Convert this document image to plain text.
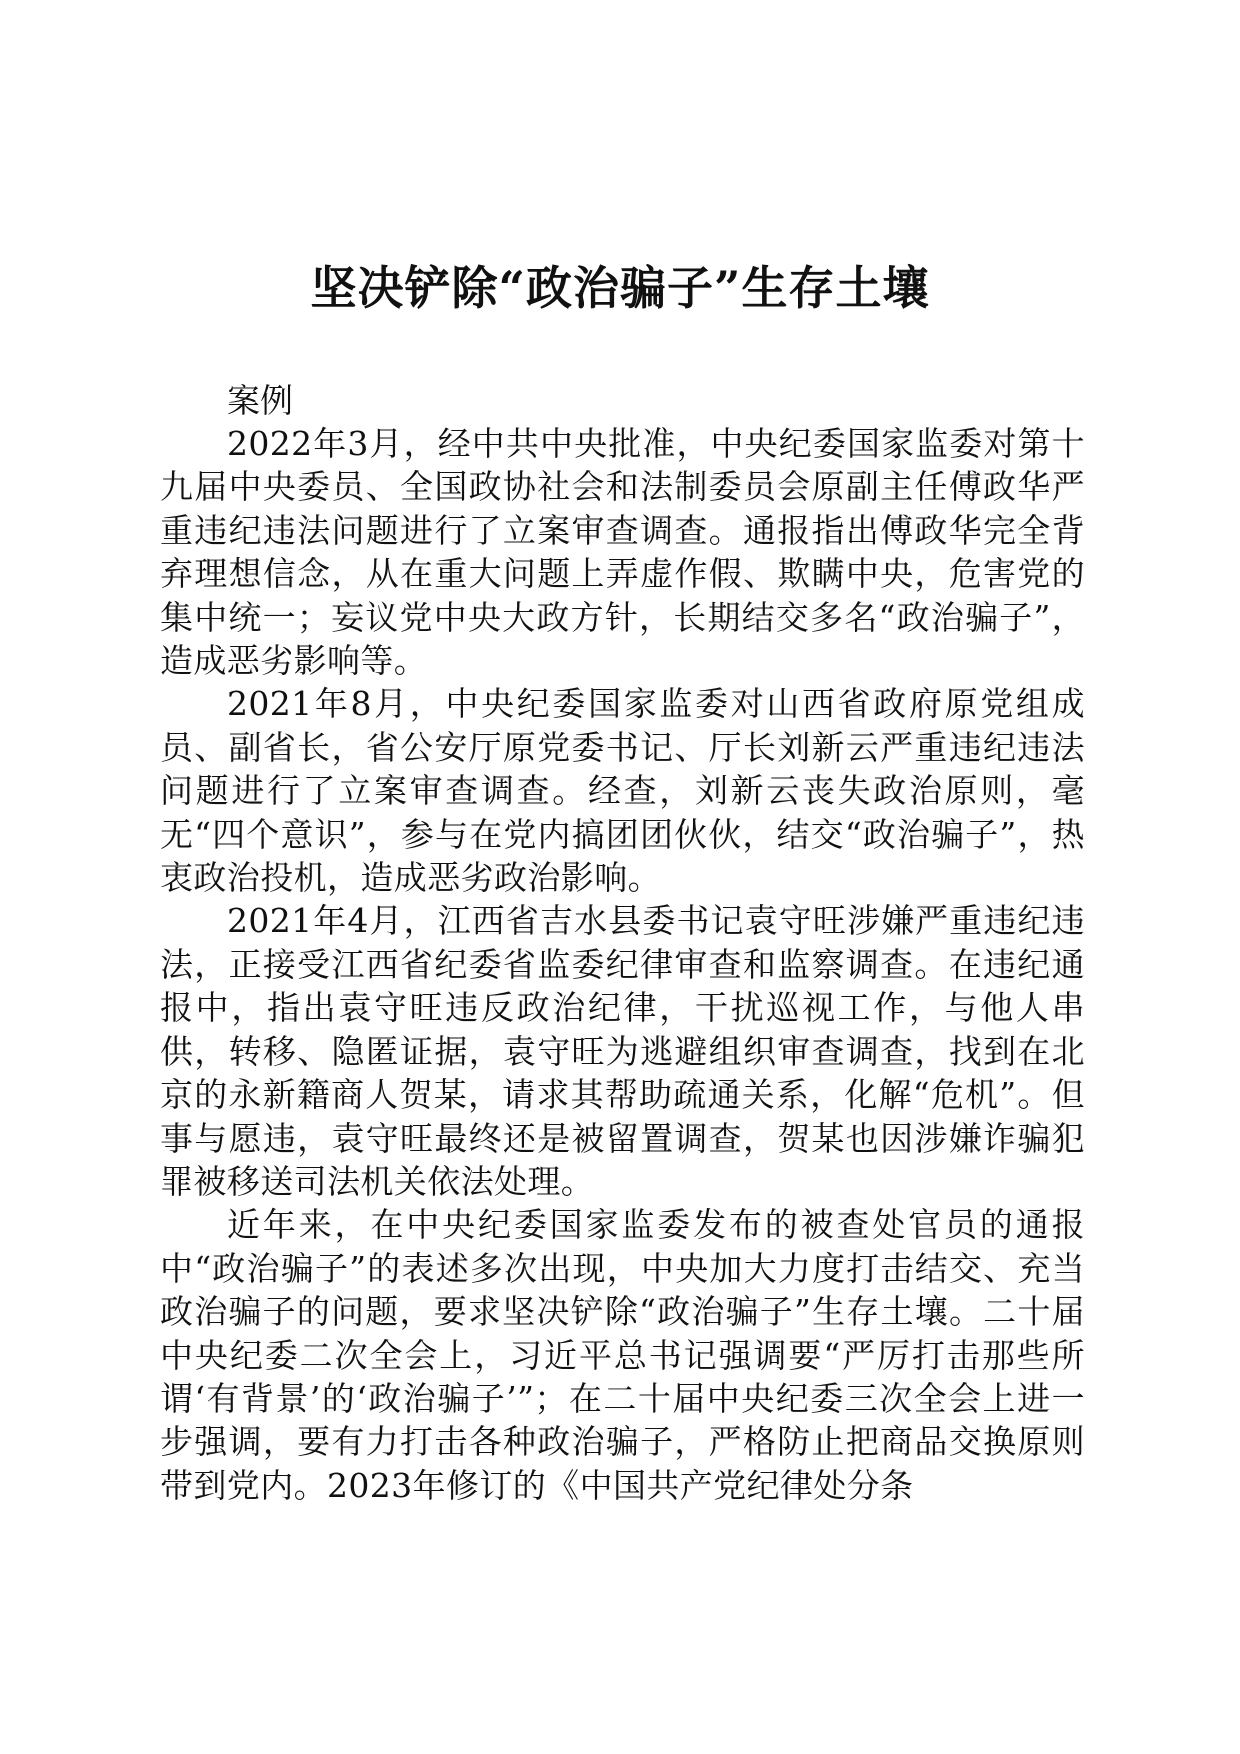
坚决铲除“政治骗子”生存土壤
案例

2022年3月，经中共中央批准，中央纪委国家监委对第十九届中央委员、全国政协社会和法制委员会原副主任傅政华严重违纪违法问题进行了立案审查调查。通报指出傅政华完全背弃理想信念，从在重大问题上弄虚作假、欺瞒中央，危害党的集中统一；妄议党中央大政方针，长期结交多名“政治骗子”，造成恶劣影响等。

2021年8月，中央纪委国家监委对山西省政府原党组成员、副省长，省公安厅原党委书记、厅长刘新云严重违纪违法问题进行了立案审查调查。经查，刘新云丧失政治原则，毫无“四个意识”，参与在党内搞团团伙伙，结交“政治骗子”，热衷政治投机，造成恶劣政治影响。

2021年4月，江西省吉水县委书记袁守旺涉嫌严重违纪违法，正接受江西省纪委省监委纪律审查和监察调查。在违纪通报中，指出袁守旺违反政治纪律，干扰巡视工作，与他人串供，转移、隐匿证据，袁守旺为逃避组织审查调查，找到在北京的永新籍商人贺某，请求其帮助疏通关系，化解“危机”。但事与愿违，袁守旺最终还是被留置调查，贺某也因涉嫌诈骗犯罪被移送司法机关依法处理。

近年来，在中央纪委国家监委发布的被查处官员的通报中“政治骗子”的表述多次出现，中央加大力度打击结交、充当政治骗子的问题，要求坚决铲除“政治骗子”生存土壤。二十届中央纪委二次全会上，习近平总书记强调要“严厉打击那些所谓‘有背景’的‘政治骗子’”；在二十届中央纪委三次全会上进一步强调，要有力打击各种政治骗子，严格防止把商品交换原则带到党内。2023年修订的《中国共产党纪律处分条
